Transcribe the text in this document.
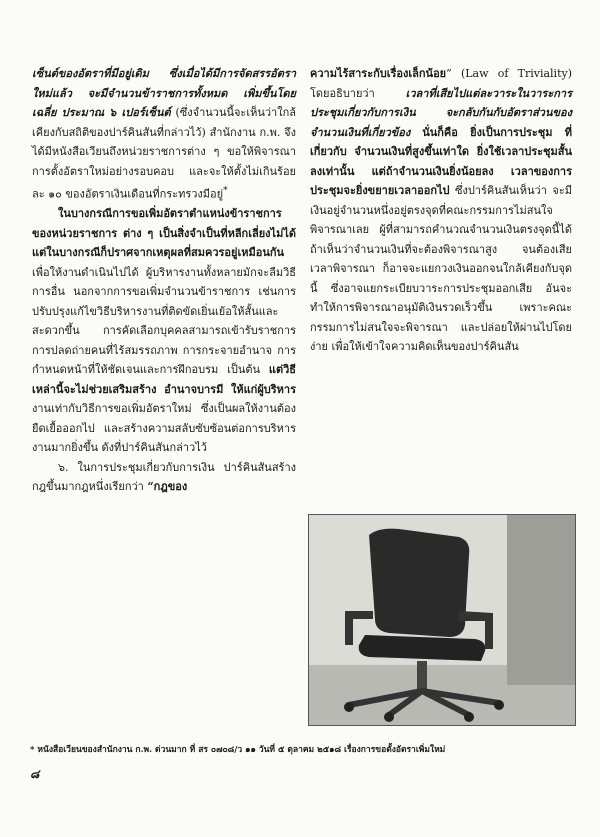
เซ็นต์ของอัตราที่มีอยู่เดิม ซึ่งเมื่อได้มีการจัดสรรอัตราใหม่แล้ว จะมีจำนวนข้าราชการทั้งหมด เพิ่มขึ้นโดยเฉลี่ย ประมาณ ๖ เปอร์เซ็นต์ (ซึ่งจำนวนนี้จะเห็นว่าใกล้เคียงกับสถิติของปาร์คินสันที่กล่าวไว้) สำนักงาน ก.พ. จึงได้มีหนังสือเวียนถึงหน่วยราชการต่าง ๆ ขอให้พิจารณาการตั้งอัตราใหม่อย่างรอบคอบ และจะให้ตั้งไม่เกินร้อยละ ๑๐ ของอัตราเงินเดือนที่กระทรวงมีอยู่*

ในบางกรณีการขอเพิ่มอัตราตำแหน่งข้าราชการ ของหน่วยราชการ ต่าง ๆ เป็นสิ่งจำเป็นที่หลีกเลี่ยงไม่ได้ แต่ในบางกรณีก็ปราศจากเหตุผลที่สมควรอยู่เหมือนกัน เพื่อให้งานดำเนินไปได้ ผู้บริหารงานทั้งหลายมักจะลืมวิธีการอื่น นอกจากการขอเพิ่มจำนวนข้าราชการ เช่นการปรับปรุงแก้ไขวิธีบริหารงานที่ติดขัดเยิ่นเย้อให้สั้นและสะดวกขึ้น การคัดเลือกบุคคลสามารถเข้ารับราชการ การปลดถ่ายคนที่ไร้สมรรถภาพ การกระจายอำนาจ การกำหนดหน้าที่ให้ชัดเจนและการฝึกอบรม เป็นต้น แต่วิธีเหล่านี้จะไม่ช่วยเสริมสร้าง อำนาจบารมี ให้แก่ผู้บริหาร งานเท่ากับวิธีการขอเพิ่มอัตราใหม่ ซึ่งเป็นผลให้งานต้องยืดเยื้อออกไป และสร้างความสลับซับซ้อนต่อการบริหารงานมากยิ่งขึ้น ดังที่ปาร์คินสันกล่าวไว้

๖. ในการประชุมเกี่ยวกับการเงิน ปาร์คินสันสร้างกฎขึ้นมากฎหนึ่งเรียกว่า “กฎของ

ความไร้สาระกับเรื่องเล็กน้อย” (Law of Triviality) โดยอธิบายว่า	เวลาที่เสียไปแต่ละวาระในวาระการประชุมเกี่ยวกับการเงิน จะกลับกันกับอัตราส่วนของจำนวนเงินที่เกี่ยวข้อง นั่นก็คือ ยิ่งเป็นการประชุม ที่ เกี่ยวกับ จำนวนเงินที่สูงขึ้นเท่าใด ยิ่งใช้เวลาประชุมสั้นลงเท่านั้น แต่ถ้าจำนวนเงินยิ่งน้อยลง เวลาของการประชุมจะยิ่งขยายเวลาออกไป ซึ่งปาร์คินสันเห็นว่า จะมีเงินอยู่จำนวนหนึ่งอยู่ตรงจุดที่คณะกรรมการไม่สนใจพิจารณาเลย ผู้ที่สามารถคำนวณจำนวนเงินตรงจุดนี้ได้ ถ้าเห็นว่าจำนวนเงินที่จะต้องพิจารณาสูง จนต้องเสียเวลาพิจารณา ก็อาจจะแยกวงเงินออกจนใกล้เคียงกับจุดนี้ ซึ่งอาจแยกระเบียบวาระการประชุมออกเสีย อันจะทำให้การพิจารณาอนุมัติเงินรวดเร็วขึ้น เพราะคณะกรรมการไม่สนใจจะพิจารณา และปล่อยให้ผ่านไปโดยง่าย เพื่อให้เข้าใจความคิดเห็นของปาร์คินสัน

* หนังสือเวียนของสำนักงาน ก.พ. ด่วนมาก ที่ สร ๐๗๐๘/ว ๑๑ วันที่ ๕ ตุลาคม ๒๕๑๘ เรื่องการขอตั้งอัตราเพิ่มใหม่
๘
